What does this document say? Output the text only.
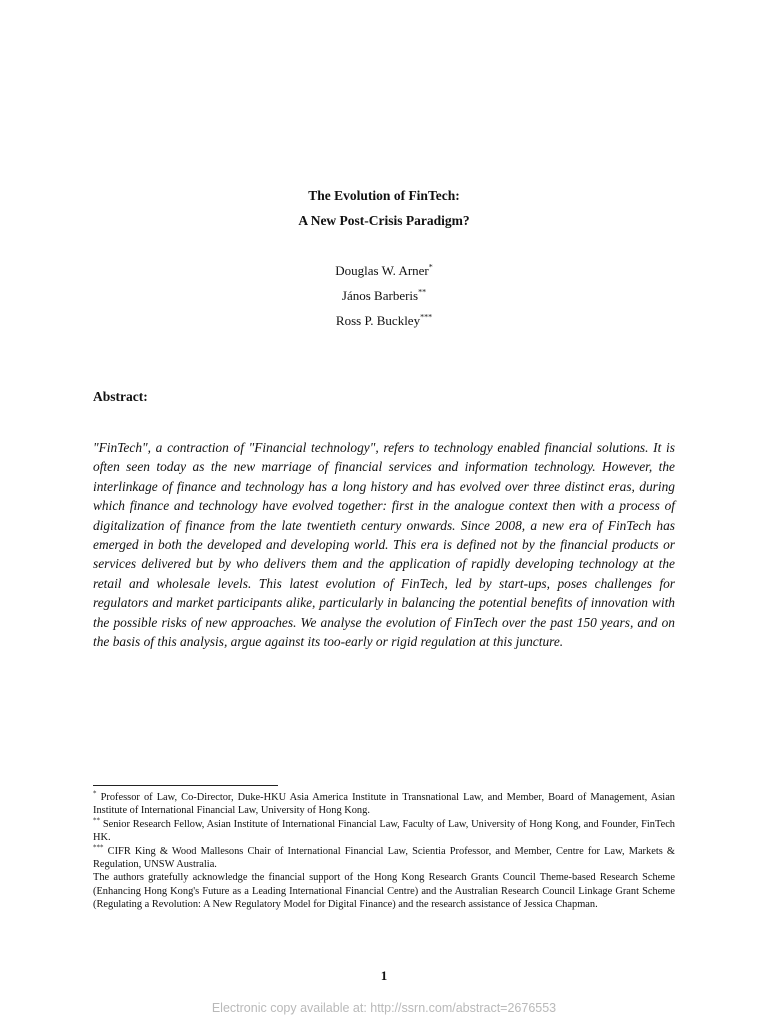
The Evolution of FinTech:
A New Post-Crisis Paradigm?
Douglas W. Arner*
János Barberis**
Ross P. Buckley***
Abstract:

"FinTech", a contraction of "Financial technology", refers to technology enabled financial solutions. It is often seen today as the new marriage of financial services and information technology. However, the interlinkage of finance and technology has a long history and has evolved over three distinct eras, during which finance and technology have evolved together: first in the analogue context then with a process of digitalization of finance from the late twentieth century onwards. Since 2008, a new era of FinTech has emerged in both the developed and developing world. This era is defined not by the financial products or services delivered but by who delivers them and the application of rapidly developing technology at the retail and wholesale levels. This latest evolution of FinTech, led by start-ups, poses challenges for regulators and market participants alike, particularly in balancing the potential benefits of innovation with the possible risks of new approaches. We analyse the evolution of FinTech over the past 150 years, and on the basis of this analysis, argue against its too-early or rigid regulation at this juncture.

* Professor of Law, Co-Director, Duke-HKU Asia America Institute in Transnational Law, and Member, Board of Management, Asian Institute of International Financial Law, University of Hong Kong.

** Senior Research Fellow, Asian Institute of International Financial Law, Faculty of Law, University of Hong Kong, and Founder, FinTech HK.

*** CIFR King & Wood Mallesons Chair of International Financial Law, Scientia Professor, and Member, Centre for Law, Markets & Regulation, UNSW Australia.

The authors gratefully acknowledge the financial support of the Hong Kong Research Grants Council Theme-based Research Scheme (Enhancing Hong Kong's Future as a Leading International Financial Centre) and the Australian Research Council Linkage Grant Scheme (Regulating a Revolution: A New Regulatory Model for Digital Finance) and the research assistance of Jessica Chapman.

1
Electronic copy available at: http://ssrn.com/abstract=2676553
